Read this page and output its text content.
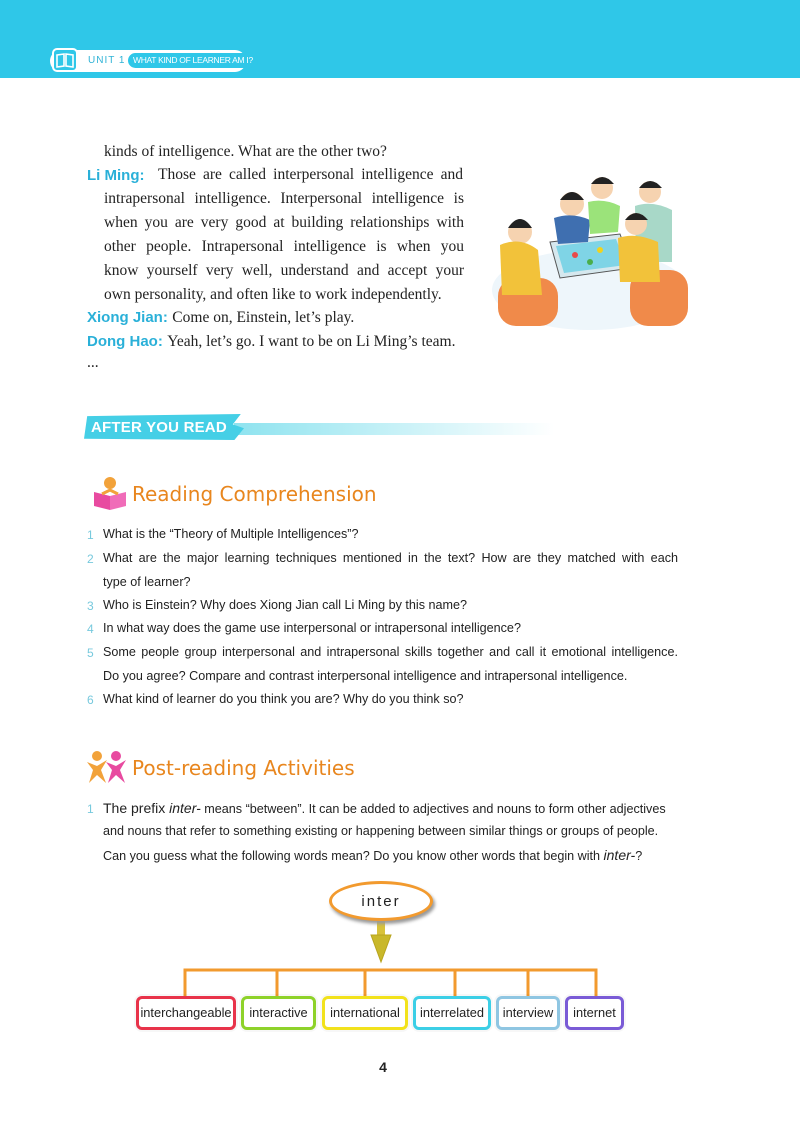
UNIT 1 WHAT KIND OF LEARNER AM I?
kinds of intelligence. What are the other two?
Li Ming: Those are called interpersonal intelligence and
intrapersonal intelligence. Interpersonal intelligence is
when you are very good at building relationships with
other people. Intrapersonal intelligence is when you
know yourself very well, understand and accept your
own personality, and often like to work independently.
Xiong Jian: Come on, Einstein, let’s play.
Dong Hao: Yeah, let’s go. I want to be on Li Ming’s team.
...
AFTER YOU READ
Reading Comprehension
1 What is the “Theory of Multiple Intelligences”?
2 What are the major learning techniques mentioned in the text? How are they matched with each
type of learner?
3 Who is Einstein? Why does Xiong Jian call Li Ming by this name?
4 In what way does the game use interpersonal or intrapersonal intelligence?
5 Some people group interpersonal and intrapersonal skills together and call it emotional intelligence.
Do you agree? Compare and contrast interpersonal intelligence and intrapersonal intelligence.
6 What kind of learner do you think you are? Why do you think so?
Post-reading Activities
1 The prefix inter- means “between”. It can be added to adjectives and nouns to form other adjectives
and nouns that refer to something existing or happening between similar things or groups of people.
Can you guess what the following words mean? Do you know other words that begin with inter-?
inter
interchangeable	interactive	international	interrelated	interview	internet
4
